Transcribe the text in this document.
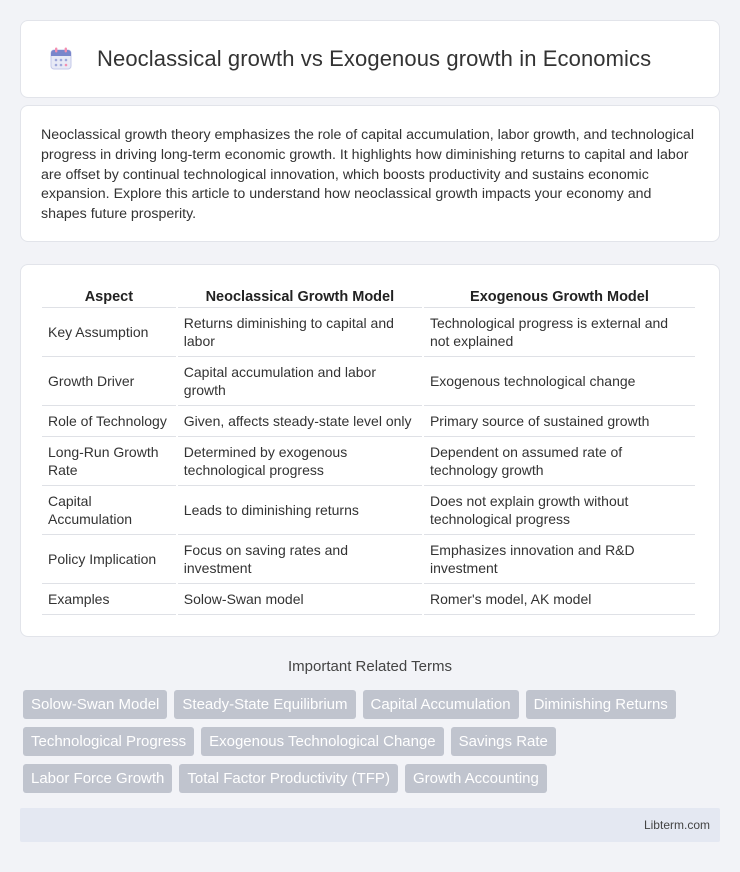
Neoclassical growth vs Exogenous growth in Economics

Neoclassical growth theory emphasizes the role of capital accumulation, labor growth, and technological progress in driving long-term economic growth. It highlights how diminishing returns to capital and labor are offset by continual technological innovation, which boosts productivity and sustains economic expansion. Explore this article to understand how neoclassical growth impacts your economy and shapes future prosperity.

Aspect	Neoclassical Growth Model	Exogenous Growth Model
Key Assumption	Returns diminishing to capital and labor	Technological progress is external and not explained
Growth Driver	Capital accumulation and labor growth	Exogenous technological change
Role of Technology	Given, affects steady-state level only	Primary source of sustained growth
Long-Run Growth Rate	Determined by exogenous technological progress	Dependent on assumed rate of technology growth
Capital Accumulation	Leads to diminishing returns	Does not explain growth without technological progress
Policy Implication	Focus on saving rates and investment	Emphasizes innovation and R&D investment
Examples	Solow-Swan model	Romer's model, AK model
Important Related Terms
Solow-Swan Model	Steady-State Equilibrium	Capital Accumulation	Diminishing Returns
Technological Progress	Exogenous Technological Change	Savings Rate
Labor Force Growth	Total Factor Productivity (TFP)	Growth Accounting
Libterm.com
